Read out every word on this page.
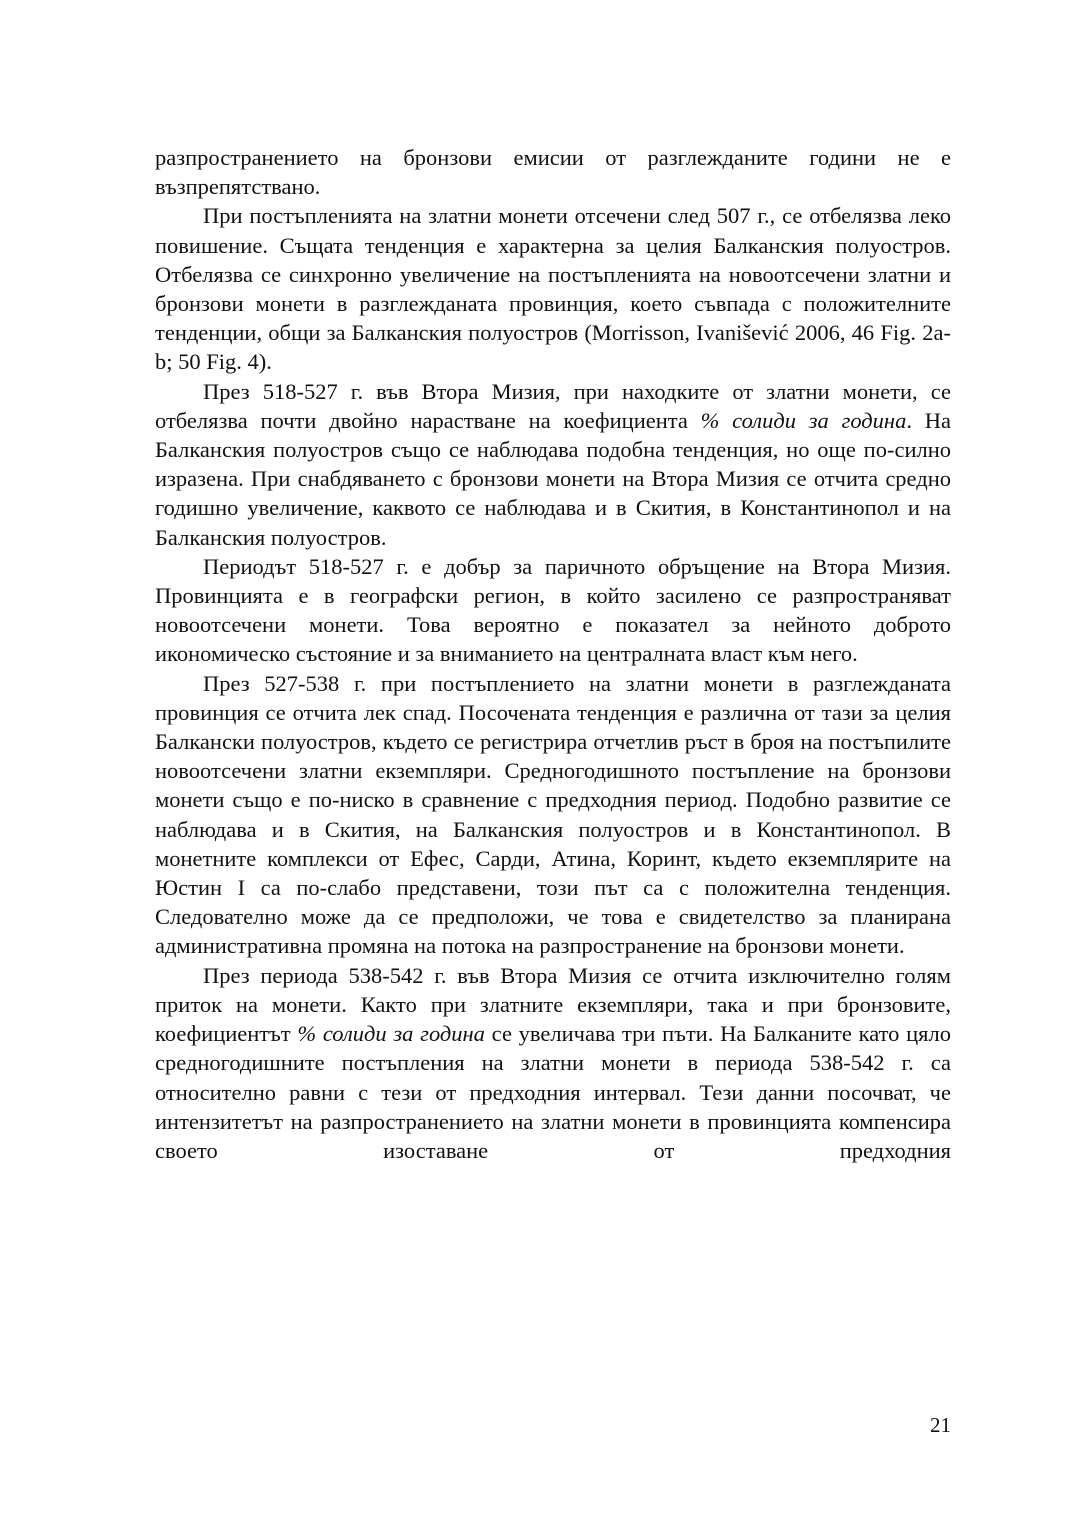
разпространението на бронзови емисии от разглежданите години не е възпрепятствано.

При постъпленията на златни монети отсечени след 507 г., се отбелязва леко повишение. Същата тенденция е характерна за целия Балканския полуостров. Отбелязва се синхронно увеличение на постъпленията на новоотсечени златни и бронзови монети в разглежданата провинция, което съвпада с положителните тенденции, общи за Балканския полуостров (Morrisson, Ivanišević 2006, 46 Fig. 2a-b; 50 Fig. 4).

През 518-527 г. във Втора Мизия, при находките от златни монети, се отбелязва почти двойно нарастване на коефициента % солиди за година. На Балканския полуостров също се наблюдава подобна тенденция, но още по-силно изразена. При снабдяването с бронзови монети на Втора Мизия се отчита средно годишно увеличение, каквото се наблюдава и в Скития, в Константинопол и на Балканския полуостров.

Периодът 518-527 г. е добър за паричното обръщение на Втора Мизия. Провинцията е в географски регион, в който засилено се разпространяват новоотсечени монети. Това вероятно е показател за нейното доброто икономическо състояние и за вниманието на централната власт към него.

През 527-538 г. при постъплението на златни монети в разглежданата провинция се отчита лек спад. Посочената тенденция е различна от тази за целия Балкански полуостров, където се регистрира отчетлив ръст в броя на постъпилите новоотсечени златни екземпляри. Средногодишното постъпление на бронзови монети също е по-ниско в сравнение с предходния период. Подобно развитие се наблюдава и в Скития, на Балканския полуостров и в Константинопол. В монетните комплекси от Ефес, Сарди, Атина, Коринт, където екземплярите на Юстин I са по-слабо представени, този път са с положителна тенденция. Следователно може да се предположи, че това е свидетелство за планирана административна промяна на потока на разпространение на бронзови монети.

През периода 538-542 г. във Втора Мизия се отчита изключително голям приток на монети. Както при златните екземпляри, така и при бронзовите, коефициентът % солиди за година се увеличава три пъти. На Балканите като цяло средногодишните постъпления на златни монети в периода 538-542 г. са относително равни с тези от предходния интервал. Тези данни посочват, че интензитетът на разпространението на златни монети в провинцията компенсира своето изоставане от предходния

21
